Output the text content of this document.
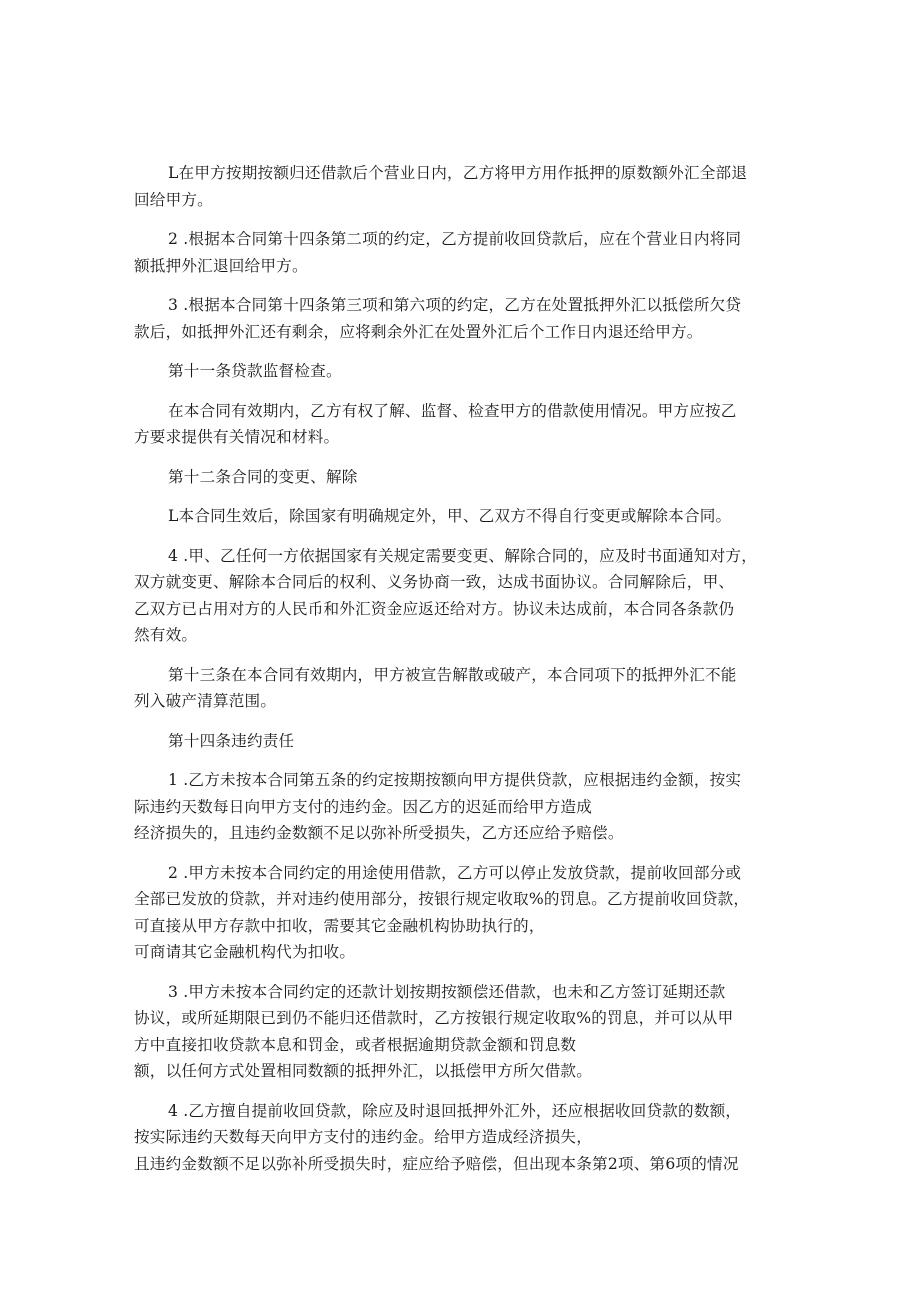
L在甲方按期按额归还借款后个营业日内，乙方将甲方用作抵押的原数额外汇全部退
回给甲方。
2 .根据本合同第十四条第二项的约定，乙方提前收回贷款后，应在个营业日内将同
额抵押外汇退回给甲方。
3 .根据本合同第十四条第三项和第六项的约定，乙方在处置抵押外汇以抵偿所欠贷
款后，如抵押外汇还有剩余，应将剩余外汇在处置外汇后个工作日内退还给甲方。
第十一条贷款监督检查。
在本合同有效期内，乙方有权了解、监督、检查甲方的借款使用情况。甲方应按乙
方要求提供有关情况和材料。
第十二条合同的变更、解除
L本合同生效后，除国家有明确规定外，甲、乙双方不得自行变更或解除本合同。
4 .甲、乙任何一方依据国家有关规定需要变更、解除合同的，应及时书面通知对方，
双方就变更、解除本合同后的权利、义务协商一致，达成书面协议。合同解除后，甲、
乙双方已占用对方的人民币和外汇资金应返还给对方。协议未达成前，本合同各条款仍
然有效。
第十三条在本合同有效期内，甲方被宣告解散或破产，本合同项下的抵押外汇不能
列入破产清算范围。
第十四条违约责任
1 .乙方未按本合同第五条的约定按期按额向甲方提供贷款，应根据违约金额，按实
际违约天数每日向甲方支付的违约金。因乙方的迟延而给甲方造成
经济损失的，且违约金数额不足以弥补所受损失，乙方还应给予赔偿。
2 .甲方未按本合同约定的用途使用借款，乙方可以停止发放贷款，提前收回部分或
全部已发放的贷款，并对违约使用部分，按银行规定收取%的罚息。乙方提前收回贷款，
可直接从甲方存款中扣收，需要其它金融机构协助执行的，
可商请其它金融机构代为扣收。
3 .甲方未按本合同约定的还款计划按期按额偿还借款，也未和乙方签订延期还款
协议，或所延期限已到仍不能归还借款时，乙方按银行规定收取%的罚息，并可以从甲
方中直接扣收贷款本息和罚金，或者根据逾期贷款金额和罚息数
额，以任何方式处置相同数额的抵押外汇，以抵偿甲方所欠借款。
4 .乙方擅自提前收回贷款，除应及时退回抵押外汇外，还应根据收回贷款的数额，
按实际违约天数每天向甲方支付的违约金。给甲方造成经济损失，
且违约金数额不足以弥补所受损失时，症应给予赔偿，但出现本条第2项、第6项的情况
